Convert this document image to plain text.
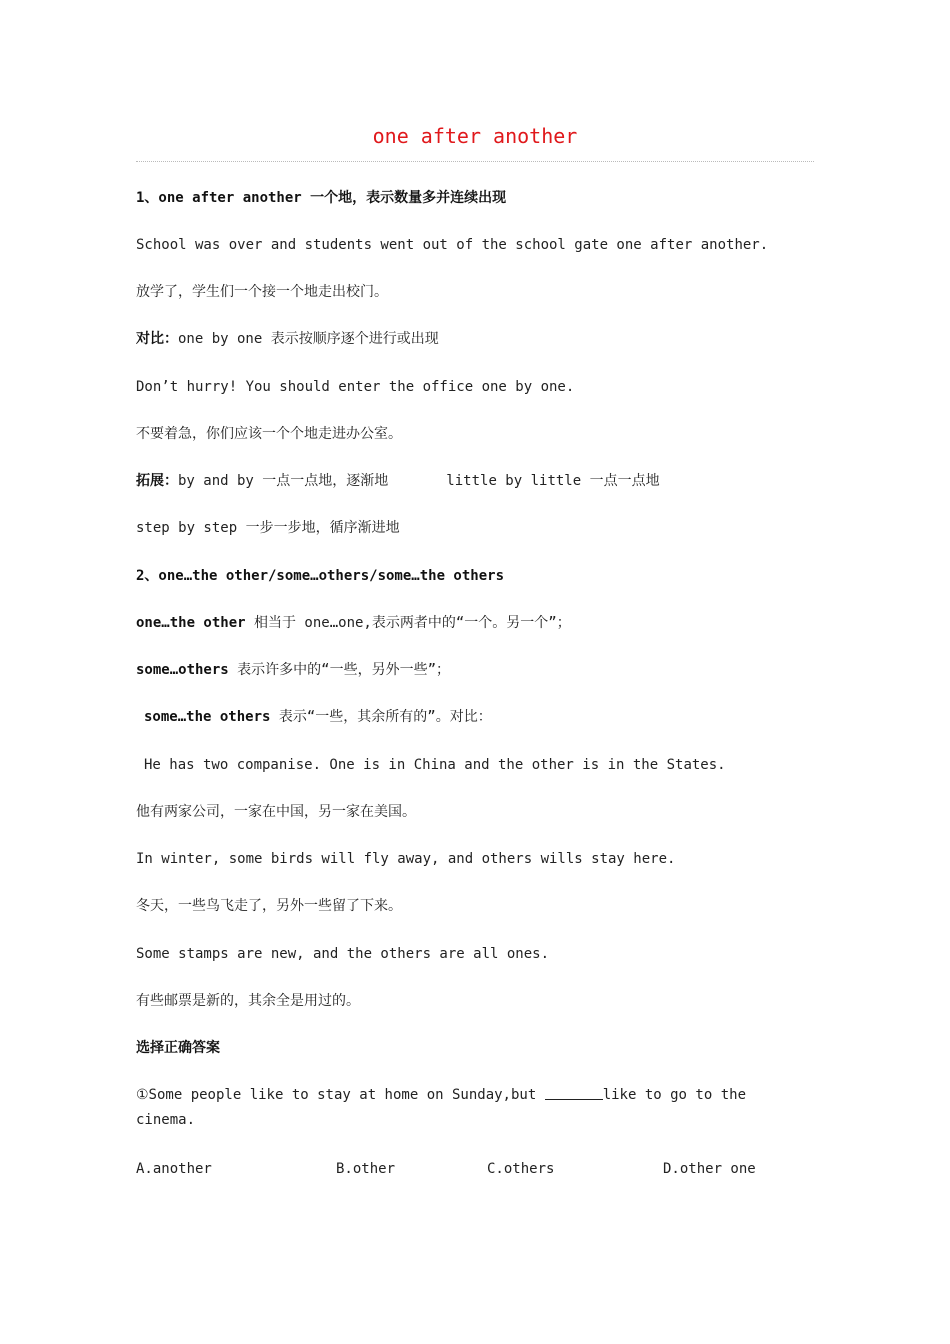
one after another
1、one after another 一个地，表示数量多并连续出现
School was over and students went out of the school gate one after another.
放学了，学生们一个接一个地走出校门。
对比：one by one 表示按顺序逐个进行或出现
Don’t hurry! You should enter the office one by one.
不要着急，你们应该一个个地走进办公室。
拓展：by and by 一点一点地，逐渐地	little by little 一点一点地
step by step 一步一步地，循序渐进地
2、one…the other/some…others/some…the others
one…the other 相当于 one…one,表示两者中的“一个。另一个”；
some…others 表示许多中的“一些，另外一些”；
some…the others 表示“一些，其余所有的”。对比：
He has two companise. One is in China and the other is in the States.
他有两家公司，一家在中国，另一家在美国。
In winter, some birds will fly away, and others wills stay here.
冬天，一些鸟飞走了，另外一些留了下来。
Some stamps are new, and the others are all ones.
有些邮票是新的，其余全是用过的。
选择正确答案
①Some people like to stay at home on Sunday,but	like to go to the cinema.
A.another	B.other	C.others	D.other one
